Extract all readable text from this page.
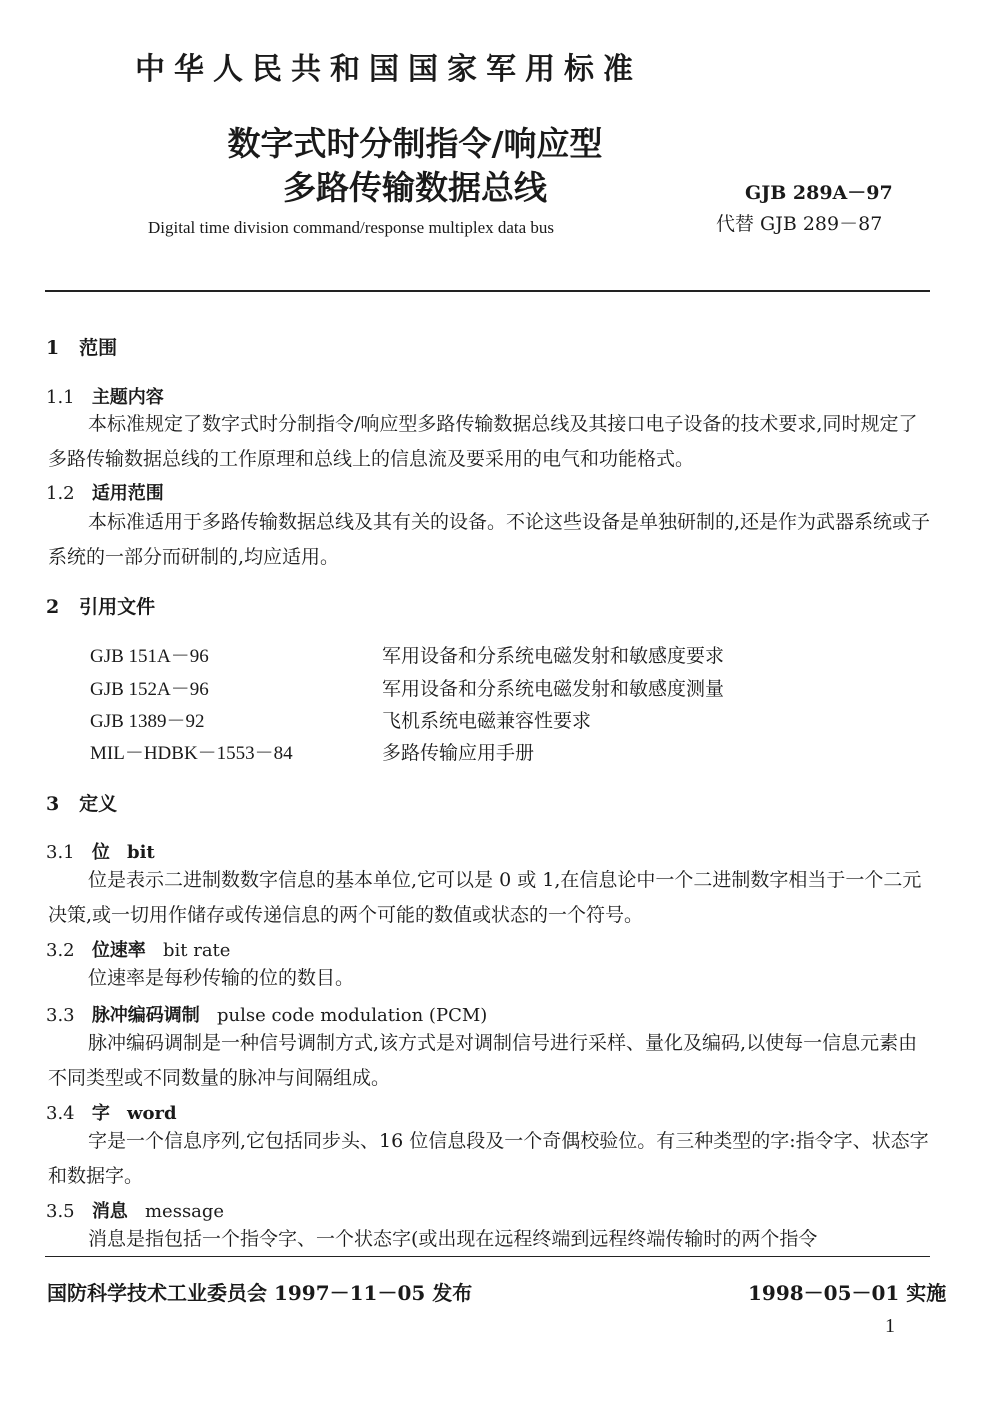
中华人民共和国国家军用标准
数字式时分制指令/响应型
多路传输数据总线	GJB 289A－97
Digital time division command/response multiplex data bus	代替 GJB 289－87
1 范围
1.1 主题内容
本标准规定了数字式时分制指令/响应型多路传输数据总线及其接口电子设备的技术要求,同时规定了多路传输数据总线的工作原理和总线上的信息流及要采用的电气和功能格式。
1.2 适用范围
本标准适用于多路传输数据总线及其有关的设备。不论这些设备是单独研制的,还是作为武器系统或子系统的一部分而研制的,均应适用。
2 引用文件
GJB 151A－96	军用设备和分系统电磁发射和敏感度要求
GJB 152A－96	军用设备和分系统电磁发射和敏感度测量
GJB 1389－92	飞机系统电磁兼容性要求
MIL－HDBK－1553－84	多路传输应用手册
3 定义
3.1 位 bit
位是表示二进制数数字信息的基本单位,它可以是 0 或 1,在信息论中一个二进制数字相当于一个二元决策,或一切用作储存或传递信息的两个可能的数值或状态的一个符号。
3.2 位速率 bit rate
位速率是每秒传输的位的数目。
3.3 脉冲编码调制 pulse code modulation (PCM)
脉冲编码调制是一种信号调制方式,该方式是对调制信号进行采样、量化及编码,以使每一信息元素由不同类型或不同数量的脉冲与间隔组成。
3.4 字 word
字是一个信息序列,它包括同步头、16 位信息段及一个奇偶校验位。有三种类型的字:指令字、状态字和数据字。
3.5 消息 message
消息是指包括一个指令字、一个状态字(或出现在远程终端到远程终端传输时的两个指令
国防科学技术工业委员会 1997－11－05 发布	1998－05－01 实施
1
